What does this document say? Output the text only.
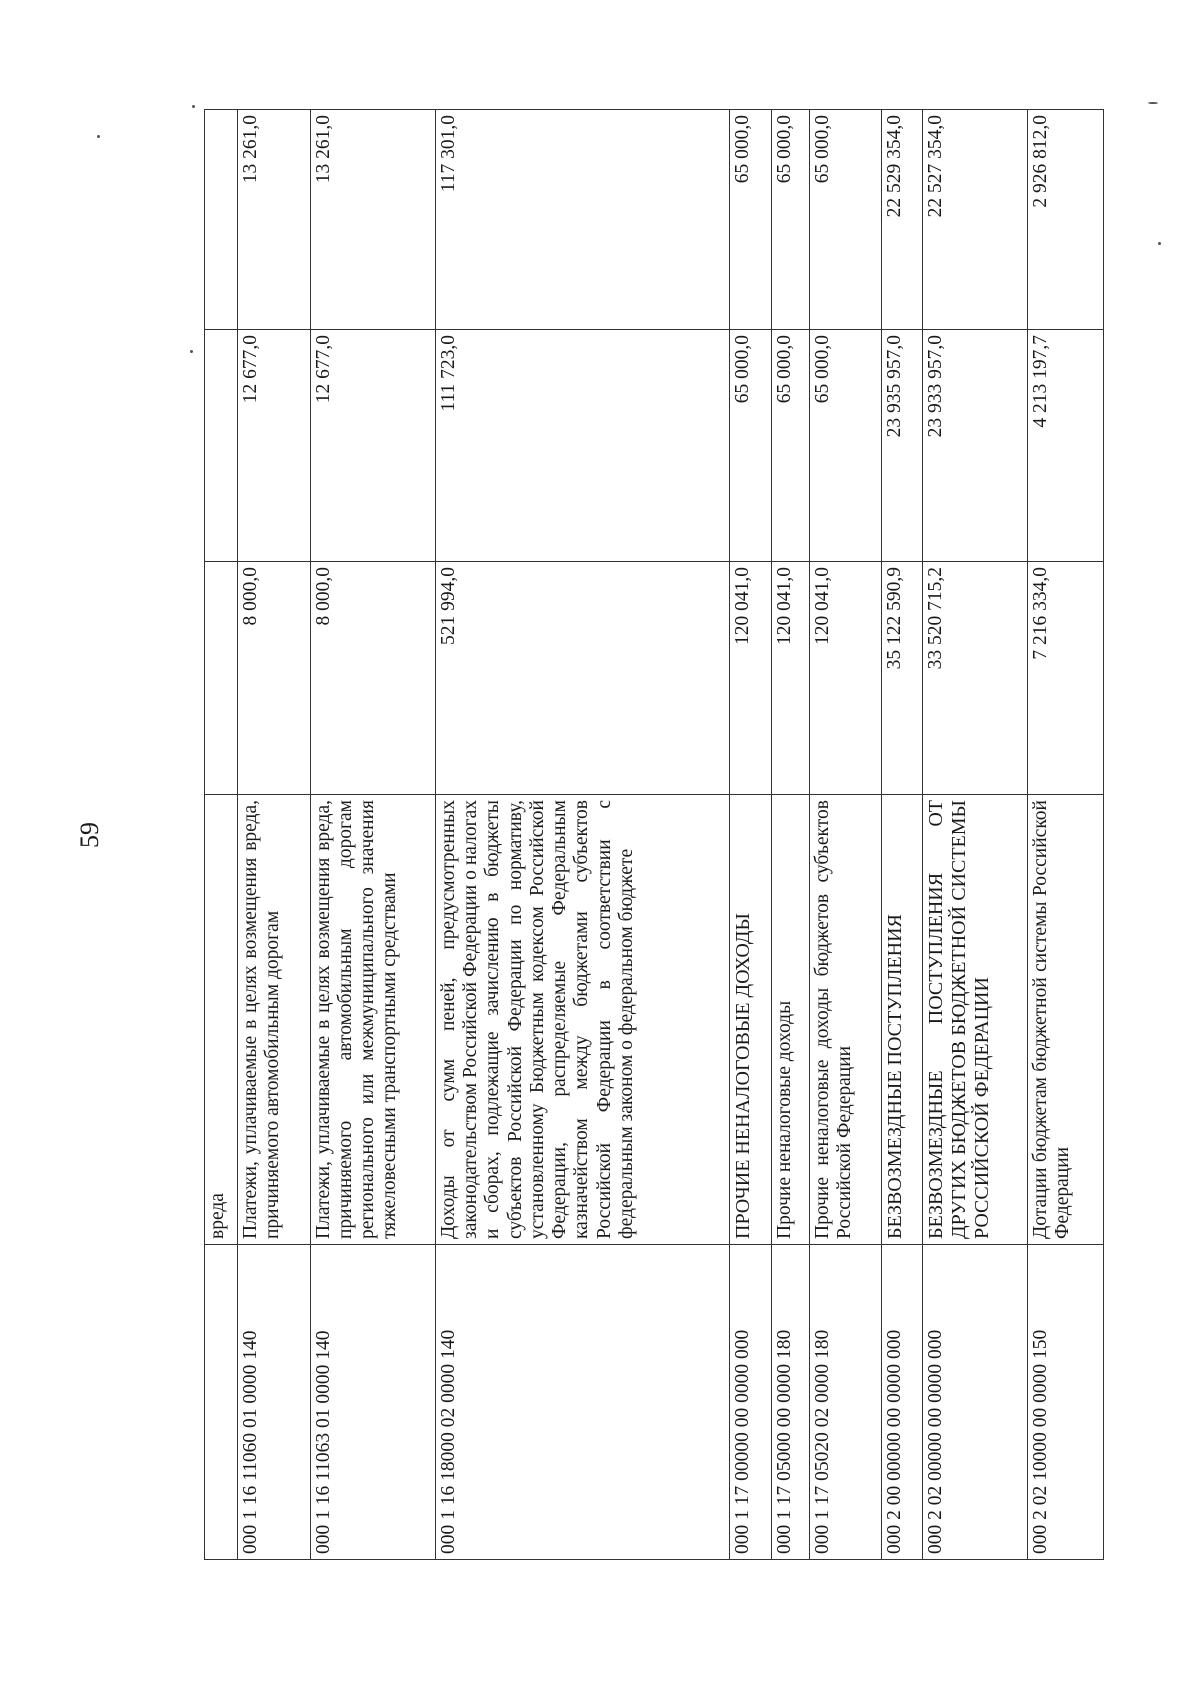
59
	вреда			
000 1 16 11060 01 0000 140	Платежи, уплачиваемые в целях возмещения вреда, причиняемого автомобильным дорогам	8 000,0	12 677,0	13 261,0
000 1 16 11063 01 0000 140	Платежи, уплачиваемые в целях возмещения вреда, причиняемого автомобильным дорогам регионального или межмуниципального значения тяжеловесными транспортными средствами	8 000,0	12 677,0	13 261,0
000 1 16 18000 02 0000 140	Доходы от сумм пеней, предусмотренных законодательством Российской Федерации о налогах и сборах, подлежащие зачислению в бюджеты субъектов Российской Федерации по нормативу, установленному Бюджетным кодексом Российской Федерации, распределяемые Федеральным казначейством между бюджетами субъектов Российской Федерации в соответствии с федеральным законом о федеральном бюджете	521 994,0	111 723,0	117 301,0
000 1 17 00000 00 0000 000	ПРОЧИЕ НЕНАЛОГОВЫЕ ДОХОДЫ	120 041,0	65 000,0	65 000,0
000 1 17 05000 00 0000 180	Прочие неналоговые доходы	120 041,0	65 000,0	65 000,0
000 1 17 05020 02 0000 180	Прочие неналоговые доходы бюджетов субъектов Российской Федерации	120 041,0	65 000,0	65 000,0
000 2 00 00000 00 0000 000	БЕЗВОЗМЕЗДНЫЕ ПОСТУПЛЕНИЯ	35 122 590,9	23 935 957,0	22 529 354,0
000 2 02 00000 00 0000 000	БЕЗВОЗМЕЗДНЫЕ ПОСТУПЛЕНИЯ ОТ ДРУГИХ БЮДЖЕТОВ БЮДЖЕТНОЙ СИСТЕМЫ РОССИЙСКОЙ ФЕДЕРАЦИИ	33 520 715,2	23 933 957,0	22 527 354,0
000 2 02 10000 00 0000 150	Дотации бюджетам бюджетной системы Российской Федерации	7 216 334,0	4 213 197,7	2 926 812,0
